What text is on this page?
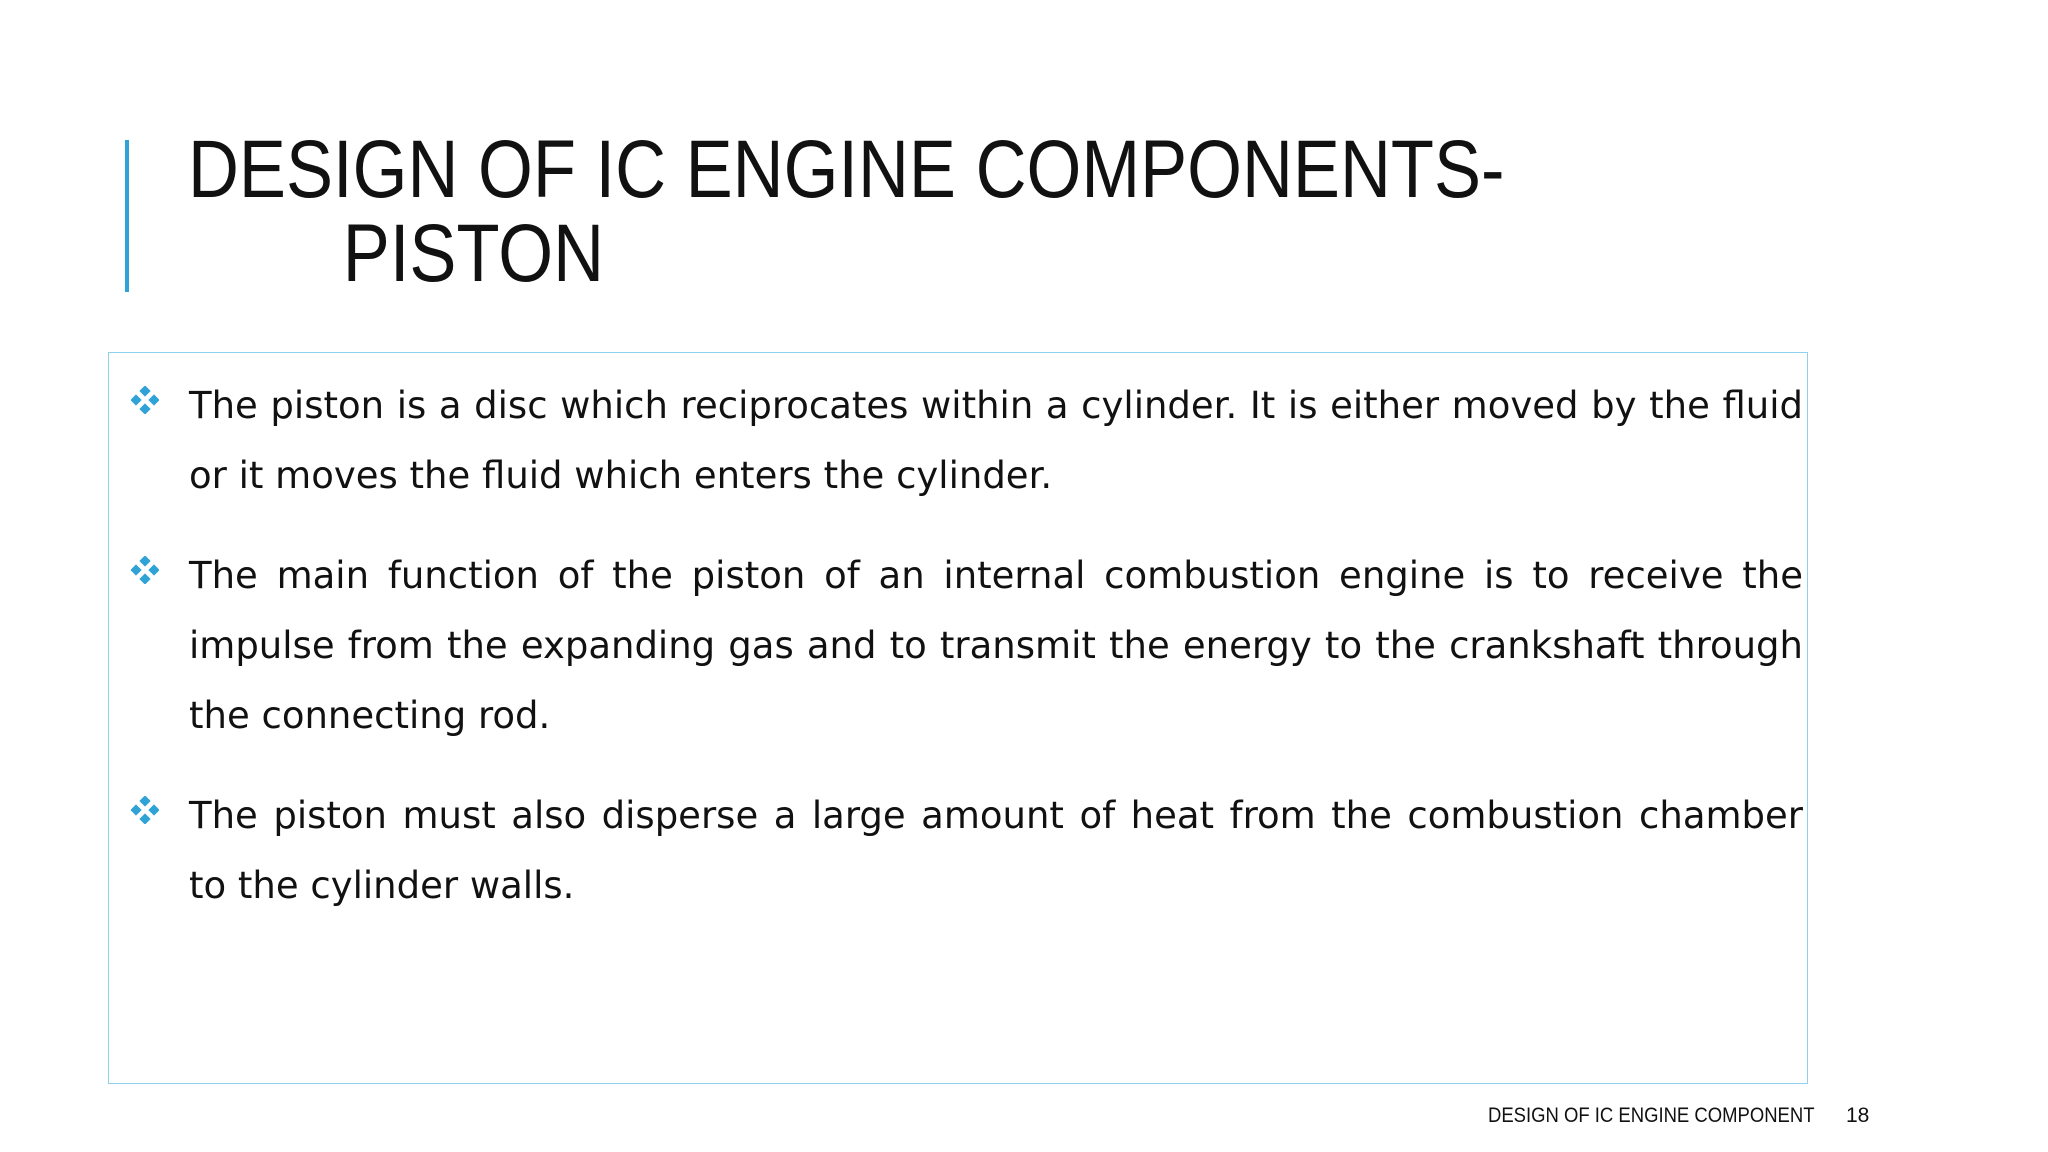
DESIGN OF IC ENGINE COMPONENTS-
PISTON
The piston is a disc which reciprocates within a cylinder. It is either moved by the fluid or it moves the fluid which enters the cylinder.
The main function of the piston of an internal combustion engine is to receive the impulse from the expanding gas and to transmit the energy to the crankshaft through the connecting rod.
The piston must also disperse a large amount of heat from the combustion chamber to the cylinder walls.
DESIGN OF IC ENGINE COMPONENT 18
